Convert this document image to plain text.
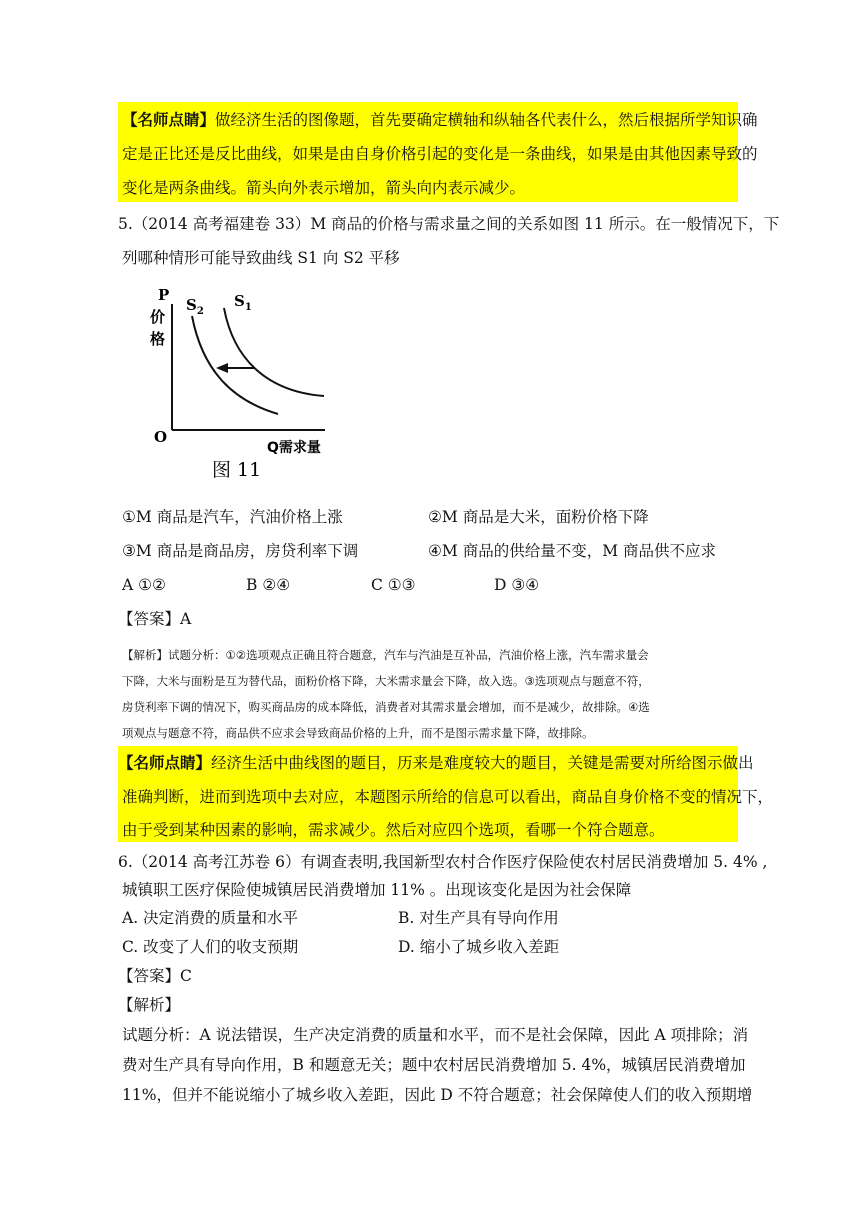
【名师点睛】做经济生活的图像题，首先要确定横轴和纵轴各代表什么，然后根据所学知识确
定是正比还是反比曲线，如果是由自身价格引起的变化是一条曲线，如果是由其他因素导致的
变化是两条曲线。箭头向外表示增加，箭头向内表示减少。
5.（2014 高考福建卷 33）M 商品的价格与需求量之间的关系如图 11 所示。在一般情况下，下
列哪种情形可能导致曲线 S1 向 S2 平移
P
价
格
O
Q需求量
$S_2$
$S_1$
图 11
①M 商品是汽车，汽油价格上涨	②M 商品是大米，面粉价格下降
③M 商品是商品房，房贷利率下调	④M 商品的供给量不变，M 商品供不应求
A ①②	B ②④	C ①③	D ③④
【答案】A
【解析】试题分析：①②选项观点正确且符合题意，汽车与汽油是互补品，汽油价格上涨，汽车需求量会
下降，大米与面粉是互为替代品，面粉价格下降，大米需求量会下降，故入选。③选项观点与题意不符，
房贷利率下调的情况下，购买商品房的成本降低，消费者对其需求量会增加，而不是减少，故排除。④选
项观点与题意不符，商品供不应求会导致商品价格的上升，而不是图示需求量下降，故排除。
【名师点睛】经济生活中曲线图的题目，历来是难度较大的题目，关键是需要对所给图示做出
准确判断，进而到选项中去对应，本题图示所给的信息可以看出，商品自身价格不变的情况下，
由于受到某种因素的影响，需求减少。然后对应四个选项，看哪一个符合题意。
6.（2014 高考江苏卷 6）有调查表明,我国新型农村合作医疗保险使农村居民消费增加 5. 4% ,
城镇职工医疗保险使城镇居民消费增加 11% 。出现该变化是因为社会保障
A. 决定消费的质量和水平	B. 对生产具有导向作用
C. 改变了人们的收支预期	D. 缩小了城乡收入差距
【答案】C
【解析】
试题分析：A 说法错误，生产决定消费的质量和水平，而不是社会保障，因此 A 项排除；消
费对生产具有导向作用，B 和题意无关；题中农村居民消费增加 5. 4%，城镇居民消费增加
11%，但并不能说缩小了城乡收入差距，因此 D 不符合题意；社会保障使人们的收入预期增
